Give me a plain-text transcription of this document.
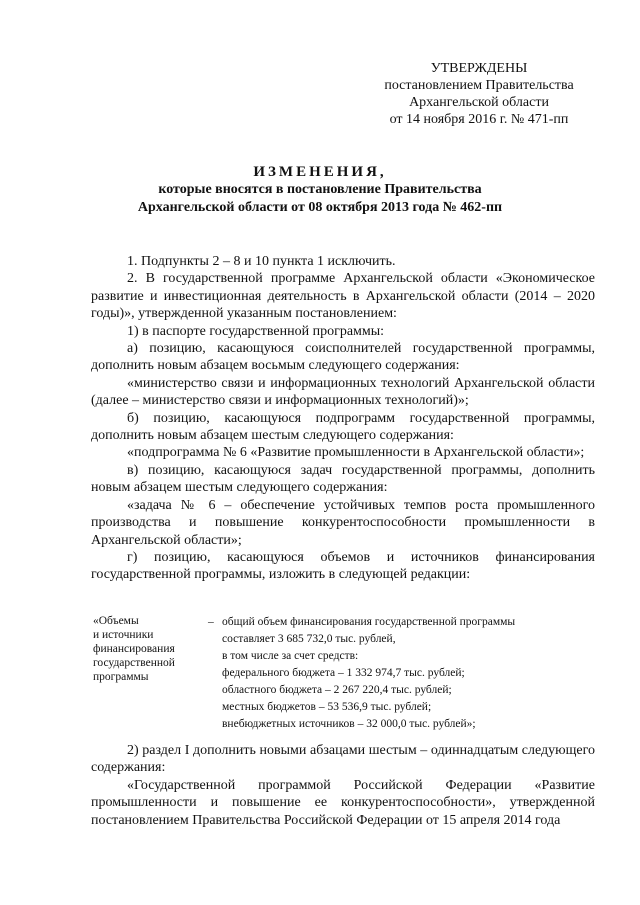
УТВЕРЖДЕНЫ
постановлением Правительства
Архангельской области
от 14 ноября 2016 г. № 471-пп
ИЗМЕНЕНИЯ,
которые вносятся в постановление Правительства
Архангельской области от 08 октября 2013 года № 462-пп

1. Подпункты 2 – 8 и 10 пункта 1 исключить.

2. В государственной программе Архангельской области «Экономическое развитие и инвестиционная деятельность в Архангельской области (2014 – 2020 годы)», утвержденной указанным постановлением:

1) в паспорте государственной программы:

а) позицию, касающуюся соисполнителей государственной программы, дополнить новым абзацем восьмым следующего содержания:

«министерство связи и информационных технологий Архангельской области (далее – министерство связи и информационных технологий)»;

б) позицию, касающуюся подпрограмм государственной программы, дополнить новым абзацем шестым следующего содержания:

«подпрограмма № 6 «Развитие промышленности в Архангельской области»;

в) позицию, касающуюся задач государственной программы, дополнить новым абзацем шестым следующего содержания:

«задача № 6 – обеспечение устойчивых темпов роста промышленного производства и повышение конкурентоспособности промышленности в Архангельской области»;

г) позицию, касающуюся объемов и источников финансирования государственной программы, изложить в следующей редакции:

«Объемы
и источники
финансирования
государственной
программы
– общий объем финансирования государственной программы
составляет 3 685 732,0 тыс. рублей,
в том числе за счет средств:
федерального бюджета – 1 332 974,7 тыс. рублей;
областного бюджета – 2 267 220,4 тыс. рублей;
местных бюджетов – 53 536,9 тыс. рублей;
внебюджетных источников – 32 000,0 тыс. рублей»;

2) раздел I дополнить новыми абзацами шестым – одиннадцатым следующего содержания:

«Государственной программой Российской Федерации «Развитие промышленности и повышение ее конкурентоспособности», утвержденной постановлением Правительства Российской Федерации от 15 апреля 2014 года
